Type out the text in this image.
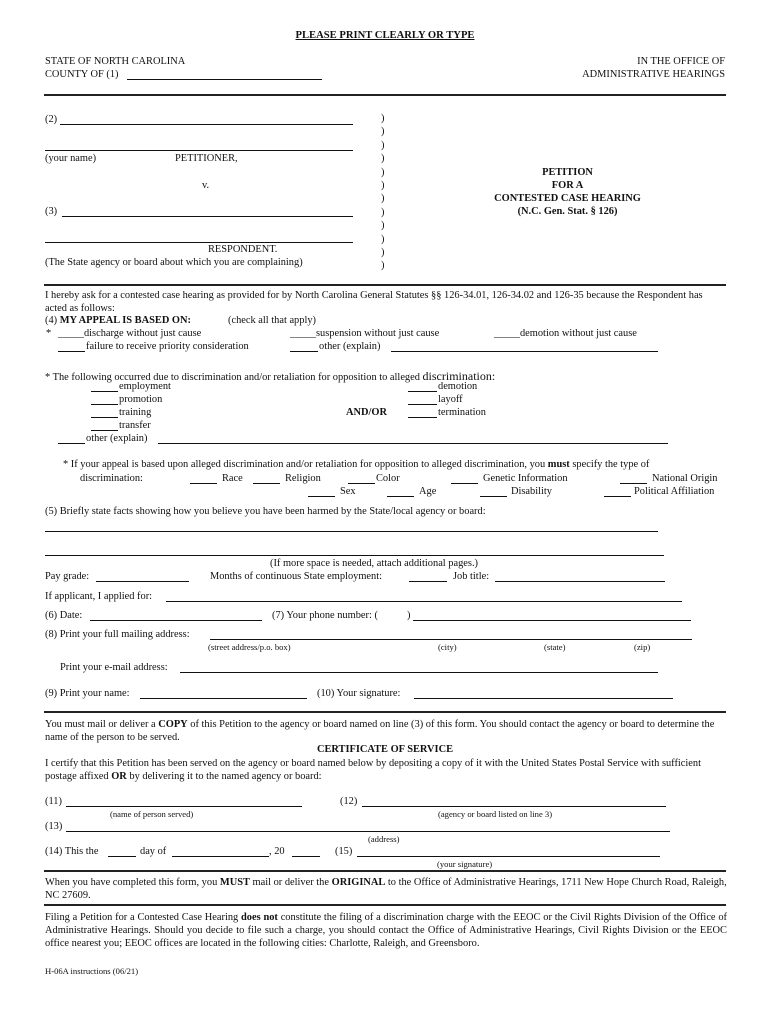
PLEASE PRINT CLEARLY OR TYPE
STATE OF NORTH CAROLINA
COUNTY OF (1)
IN THE OFFICE OF
ADMINISTRATIVE HEARINGS
(2)
(your name)	PETITIONER,
v.
(3)
RESPONDENT.
(The State agency or board about which you are complaining)
)
)
)
)
)
)
)
)
)
)
)
)
PETITION
FOR A
CONTESTED CASE HEARING
(N.C. Gen. Stat. § 126)
I hereby ask for a contested case hearing as provided for by North Carolina General Statutes §§ 126-34.01, 126-34.02 and 126-35 because the Respondent has acted as follows:
(4) MY APPEAL IS BASED ON:	(check all that apply)
* _____discharge without just cause	_____suspension without just cause	_____demotion without just cause
failure to receive priority consideration	other (explain)
* The following occurred due to discrimination and/or retaliation for opposition to alleged discrimination:
employment
promotion
training
transfer
other (explain)
AND/OR
demotion
layoff
termination
* If your appeal is based upon alleged discrimination and/or retaliation for opposition to alleged discrimination, you must specify the type of
discrimination:	Race	Religion	Color	Genetic Information	National Origin
Sex	Age	Disability	Political Affiliation
(5) Briefly state facts showing how you believe you have been harmed by the State/local agency or board:
(If more space is needed, attach additional pages.)
Pay grade:	Months of continuous State employment:	Job title:
If applicant, I applied for:
(6) Date:	(7) Your phone number: (	)
(8) Print your full mailing address:
(street address/p.o. box)	(city)	(state)	(zip)
Print your e-mail address:
(9) Print your name:	(10) Your signature:
You must mail or deliver a COPY of this Petition to the agency or board named on line (3) of this form. You should contact the agency or board to determine the name of the person to be served.
CERTIFICATE OF SERVICE
I certify that this Petition has been served on the agency or board named below by depositing a copy of it with the United States Postal Service with sufficient postage affixed OR by delivering it to the named agency or board:
(11)
(name of person served)
(12)
(agency or board listed on line 3)
(13)
(address)
(14) This the	day of	, 20	(15)
(your signature)
When you have completed this form, you MUST mail or deliver the ORIGINAL to the Office of Administrative Hearings, 1711 New Hope Church Road, Raleigh, NC 27609.
Filing a Petition for a Contested Case Hearing does not constitute the filing of a discrimination charge with the EEOC or the Civil Rights Division of the Office of Administrative Hearings. Should you decide to file such a charge, you should contact the Office of Administrative Hearings, Civil Rights Division or the EEOC office nearest you; EEOC offices are located in the following cities: Charlotte, Raleigh, and Greensboro.
H-06A instructions (06/21)
